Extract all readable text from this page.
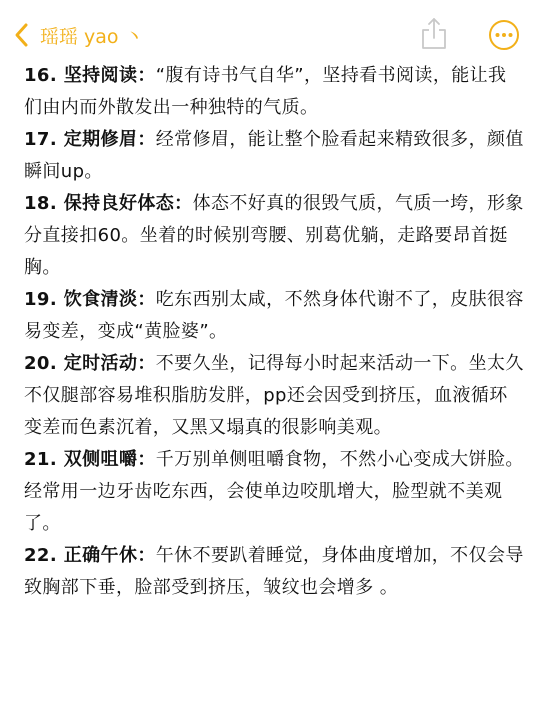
瑶瑶 yao 丶

16. 坚持阅读：“腹有诗书气自华”，坚持看书阅读，能让我们由内而外散发出一种独特的气质。

17. 定期修眉：经常修眉，能让整个脸看起来精致很多，颜值瞬间up。

18. 保持良好体态：体态不好真的很毁气质，气质一垮，形象分直接扣60。坐着的时候别弯腰、别葛优躺，走路要昂首挺胸。

19. 饮食清淡：吃东西别太咸，不然身体代谢不了，皮肤很容易变差，变成“黄脸婆”。

20. 定时活动：不要久坐，记得每小时起来活动一下。坐太久不仅腿部容易堆积脂肪发胖，pp还会因受到挤压，血液循环变差而色素沉着，又黑又塌真的很影响美观。

21. 双侧咀嚼：千万别单侧咀嚼食物，不然小心变成大饼脸。经常用一边牙齿吃东西，会使单边咬肌增大，脸型就不美观了。

22. 正确午休：午休不要趴着睡觉，身体曲度增加，不仅会导致胸部下垂，脸部受到挤压，皱纹也会增多 。
